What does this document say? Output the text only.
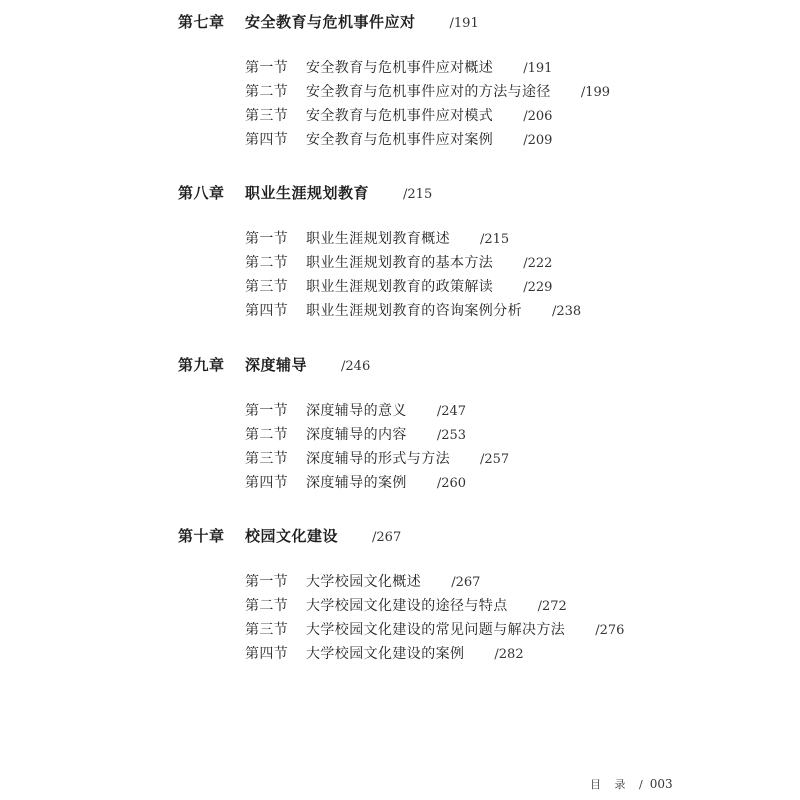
第七章 安全教育与危机事件应对	/191
第一节 安全教育与危机事件应对概述 /191
第二节 安全教育与危机事件应对的方法与途径 /199
第三节 安全教育与危机事件应对模式 /206
第四节 安全教育与危机事件应对案例 /209
第八章 职业生涯规划教育	/215
第一节 职业生涯规划教育概述 /215
第二节 职业生涯规划教育的基本方法 /222
第三节 职业生涯规划教育的政策解读 /229
第四节 职业生涯规划教育的咨询案例分析 /238
第九章 深度辅导	/246
第一节 深度辅导的意义 /247
第二节 深度辅导的内容 /253
第三节 深度辅导的形式与方法 /257
第四节 深度辅导的案例 /260
第十章 校园文化建设	/267
第一节 大学校园文化概述 /267
第二节 大学校园文化建设的途径与特点 /272
第三节 大学校园文化建设的常见问题与解决方法 /276
第四节 大学校园文化建设的案例 /282
目 录 / 003
